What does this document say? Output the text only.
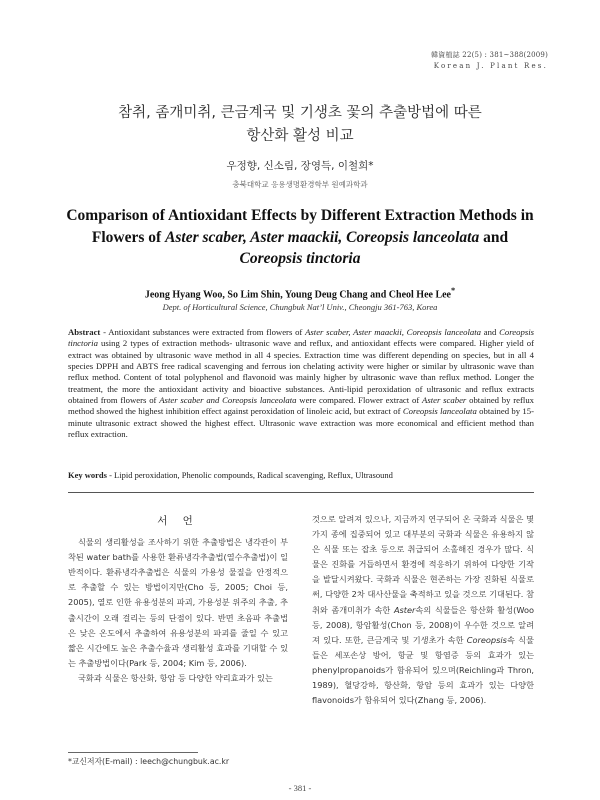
韓資植誌 22(5) : 381~388(2009)
Korean J. Plant Res.
참취, 좀개미취, 큰금계국 및 기생초 꽃의 추출방법에 따른
항산화 활성 비교
우정향, 신소림, 장영득, 이철희*
충북대학교 응용생명환경학부 원예과학과
Comparison of Antioxidant Effects by Different Extraction Methods in
Flowers of Aster scaber, Aster maackii, Coreopsis lanceolata and
Coreopsis tinctoria
Jeong Hyang Woo, So Lim Shin, Young Deug Chang and Cheol Hee Lee*
Dept. of Horticultural Science, Chungbuk Nat’l Univ., Cheongju 361-763, Korea
Abstract - Antioxidant substances were extracted from flowers of Aster scaber, Aster maackii, Coreopsis lanceolata and Coreopsis tinctoria using 2 types of extraction methods- ultrasonic wave and reflux, and antioxidant effects were compared. Higher yield of extract was obtained by ultrasonic wave method in all 4 species. Extraction time was different depending on species, but in all 4 species DPPH and ABTS free radical scavenging and ferrous ion chelating activity were higher or similar by ultrasonic wave than reflux method. Content of total polyphenol and flavonoid was mainly higher by ultrasonic wave than reflux method. Longer the treatment, the more the antioxidant activity and bioactive substances. Anti-lipid peroxidation of ultrasonic and reflux extracts obtained from flowers of Aster scaber and Coreopsis lanceolata were compared. Flower extract of Aster scaber obtained by reflux method showed the highest inhibition effect against peroxidation of linoleic acid, but extract of Coreopsis lanceolata obtained by 15-minute ultrasonic extract showed the highest effect. Ultrasonic wave extraction was more economical and efficient method than reflux extraction.
Key words - Lipid peroxidation, Phenolic compounds, Radical scavenging, Reflux, Ultrasound
서 언

식물의 생리활성을 조사하기 위한 추출방법은 냉각관이 부착된 water bath를 사용한 환류냉각추출법(열수추출법)이 일반적이다. 환류냉각추출법은 식물의 가용성 물질을 안정적으로 추출할 수 있는 방법이지만(Cho 등, 2005; Choi 등, 2005), 열로 인한 유용성분의 파괴, 가용성분 위주의 추출, 추출시간이 오래 걸리는 등의 단점이 있다. 반면 초음파 추출법은 낮은 온도에서 추출하여 유용성분의 파괴를 줄일 수 있고 짧은 시간에도 높은 추출수율과 생리활성 효과를 기대할 수 있는 추출방법이다(Park 등, 2004; Kim 등, 2006).

국화과 식물은 항산화, 항암 등 다양한 약리효과가 있는

것으로 알려져 있으나, 지금까지 연구되어 온 국화과 식물은 몇 가지 종에 집중되어 있고 대부분의 국화과 식물은 유용하지 않은 식물 또는 잡초 등으로 취급되어 소홀해진 경우가 많다. 식물은 진화를 거듭하면서 환경에 적응하기 위하여 다양한 기작을 발달시켜왔다. 국화과 식물은 현존하는 가장 진화된 식물로써, 다양한 2차 대사산물을 축적하고 있을 것으로 기대된다. 참취와 좀개미취가 속한 Aster속의 식물들은 항산화 활성(Woo 등, 2008), 항암활성(Chon 등, 2008)이 우수한 것으로 알려져 있다. 또한, 큰금계국 및 기생초가 속한 Coreopsis속 식물들은 세포손상 방어, 항균 및 항염증 등의 효과가 있는 phenylpropanoids가 함유되어 있으며(Reichling과 Thron, 1989), 혈당강하, 항산화, 항암 등의 효과가 있는 다양한 flavonoids가 함유되어 있다(Zhang 등, 2006).

*교신저자(E-mail) : leech@chungbuk.ac.kr
- 381 -
